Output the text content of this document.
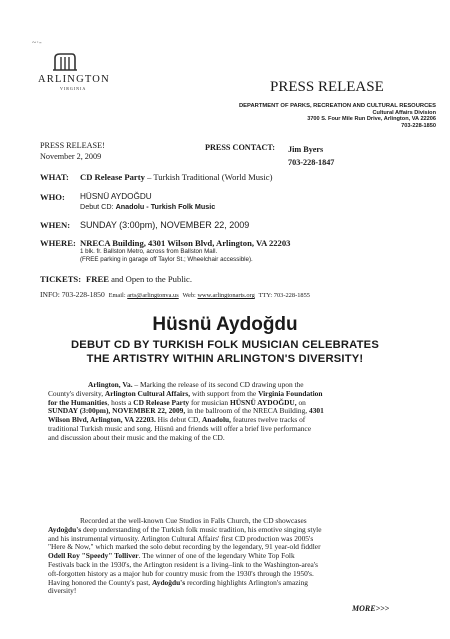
~·-
ARLINGTON
VIRGINIA	PRESS RELEASE
DEPARTMENT OF PARKS, RECREATION AND CULTURAL RESOURCES
Cultural Affairs Division
3700 S. Four Mile Run Drive, Arlington, VA 22206
703-228-1850
PRESS RELEASE!
November 2, 2009
PRESS CONTACT: Jim Byers
703-228-1847
WHAT:	CD Release Party – Turkish Traditional (World Music)
WHO:	HÜSNÜ AYDOĞDU
Debut CD: Anadolu - Turkish Folk Music
WHEN:	SUNDAY (3:00pm), NOVEMBER 22, 2009
WHERE: NRECA Building, 4301 Wilson Blvd, Arlington, VA 22203
1 blk. fr. Ballston Metro, across from Ballston Mall.
(FREE parking in garage off Taylor St.; Wheelchair accessible).
TICKETS: FREE and Open to the Public.
INFO: 703-228-1850 Email: arts@arlingtonva.us Web: www.arlingtonarts.org TTY: 703-228-1855
Hüsnü Aydoğdu
DEBUT CD BY TURKISH FOLK MUSICIAN CELEBRATES
THE ARTISTRY WITHIN ARLINGTON'S DIVERSITY!
Arlington, Va. – Marking the release of its second CD drawing upon the
County's diversity, Arlington Cultural Affairs, with support from the Virginia Foundation
for the Humanities, hosts a CD Release Party for musician HÜSNÜ AYDOĞDU, on
SUNDAY (3:00pm), NOVEMBER 22, 2009, in the ballroom of the NRECA Building, 4301
Wilson Blvd, Arlington, VA 22203. His debut CD, Anadolu, features twelve tracks of
traditional Turkish music and song. Hüsnü and friends will offer a brief live performance
and discussion about their music and the making of the CD.
Recorded at the well-known Cue Studios in Falls Church, the CD showcases
Aydoğdu's deep understanding of the Turkish folk music tradition, his emotive singing style
and his instrumental virtuosity. Arlington Cultural Affairs' first CD production was 2005's
"Here & Now," which marked the solo debut recording by the legendary, 91 year-old fiddler
Odell Roy "Speedy" Tolliver. The winner of one of the legendary White Top Folk
Festivals back in the 1930's, the Arlington resident is a living–link to the Washington-area's
oft-forgotten history as a major hub for country music from the 1930's through the 1950's.
Having honored the County's past, Aydoğdu's recording highlights Arlington's amazing
diversity!
MORE>>>
